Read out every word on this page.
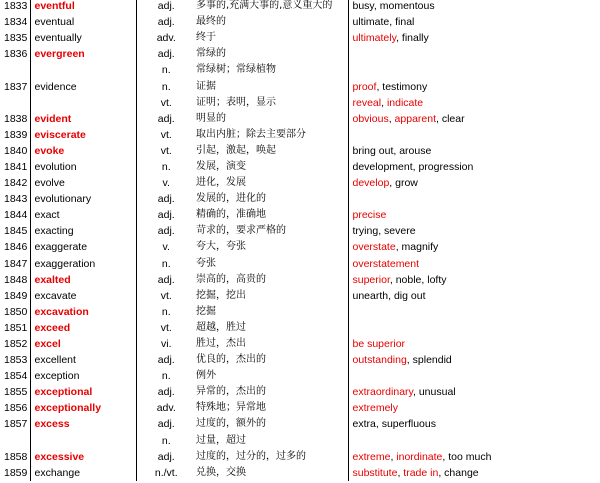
1833	eventful	adj.	多事的,充满大事的,意义重大的	busy, momentous
1834	eventual	adj.	最终的	ultimate, final
1835	eventually	adv.	终于	ultimately, finally
1836	evergreen	adj.	常绿的	
		n.	常绿树；常绿植物	
1837	evidence	n.	证据	proof, testimony
		vt.	证明；表明，显示	reveal, indicate
1838	evident	adj.	明显的	obvious, apparent, clear
1839	eviscerate	vt.	取出内脏；除去主要部分	
1840	evoke	vt.	引起，激起，唤起	bring out, arouse
1841	evolution	n.	发展，演变	development, progression
1842	evolve	v.	进化，发展	develop, grow
1843	evolutionary	adj.	发展的，进化的	
1844	exact	adj.	精确的，准确地	precise
1845	exacting	adj.	苛求的，要求严格的	trying, severe
1846	exaggerate	v.	夸大，夸张	overstate, magnify
1847	exaggeration	n.	夸张	overstatement
1848	exalted	adj.	崇高的，高贵的	superior, noble, lofty
1849	excavate	vt.	挖掘，挖出	unearth, dig out
1850	excavation	n.	挖掘	
1851	exceed	vt.	超越，胜过	
1852	excel	vi.	胜过，杰出	be superior
1853	excellent	adj.	优良的，杰出的	outstanding, splendid
1854	exception	n.	例外	
1855	exceptional	adj.	异常的，杰出的	extraordinary, unusual
1856	exceptionally	adv.	特殊地；异常地	extremely
1857	excess	adj.	过度的，额外的	extra, superfluous
		n.	过量，超过	
1858	excessive	adj.	过度的，过分的，过多的	extreme, inordinate, too much
1859	exchange	n./vt.	兑换，交换	substitute, trade in, change
